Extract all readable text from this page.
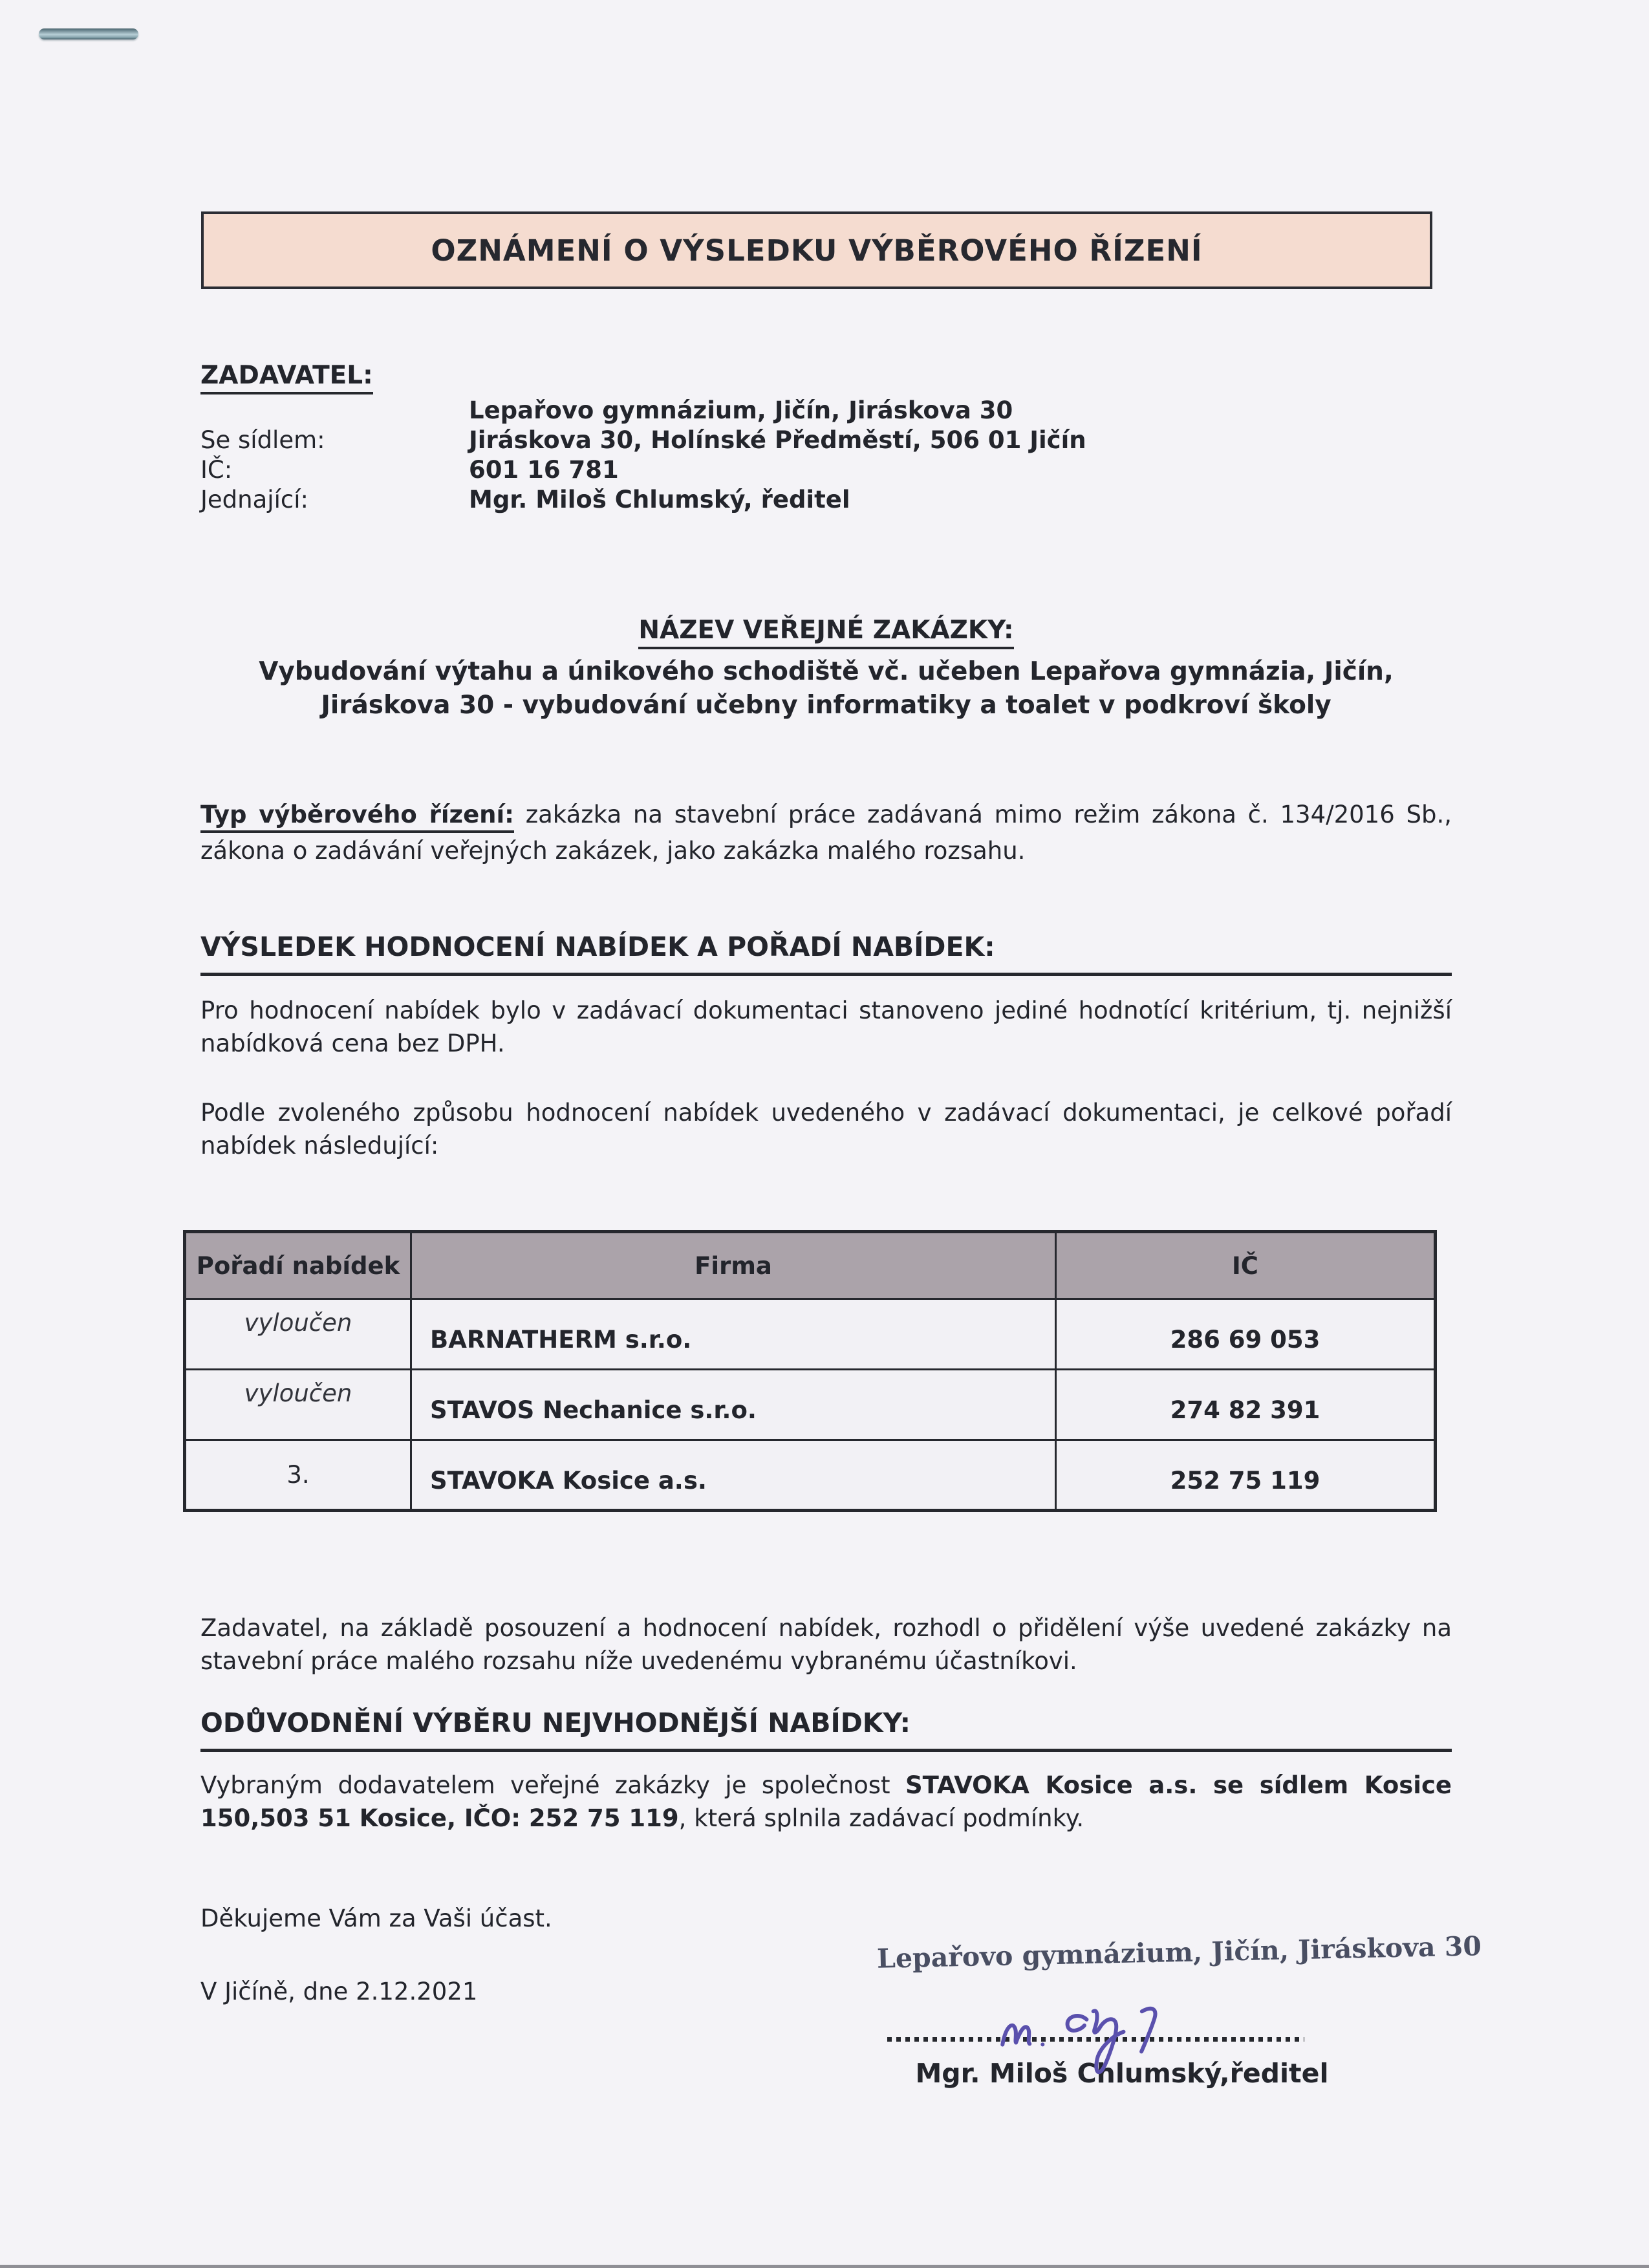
OZNÁMENÍ O VÝSLEDKU VÝBĚROVÉHO ŘÍZENÍ
ZADAVATEL:
Lepařovo gymnázium, Jičín, Jiráskova 30
Se sídlem:	Jiráskova 30, Holínské Předměstí, 506 01 Jičín
IČ:	601 16 781
Jednající:	Mgr. Miloš Chlumský, ředitel
NÁZEV VEŘEJNÉ ZAKÁZKY:
Vybudování výtahu a únikového schodiště vč. učeben Lepařova gymnázia, Jičín, Jiráskova 30 - vybudování učebny informatiky a toalet v podkroví školy
Typ výběrového řízení: zakázka na stavební práce zadávaná mimo režim zákona č. 134/2016 Sb., zákona o zadávání veřejných zakázek, jako zakázka malého rozsahu.
VÝSLEDEK HODNOCENÍ NABÍDEK A POŘADÍ NABÍDEK:
Pro hodnocení nabídek bylo v zadávací dokumentaci stanoveno jediné hodnotící kritérium, tj. nejnižší nabídková cena bez DPH.
Podle zvoleného způsobu hodnocení nabídek uvedeného v zadávací dokumentaci, je celkové pořadí nabídek následující:
Pořadí nabídek	Firma	IČ
vyloučen	BARNATHERM s.r.o.	286 69 053
vyloučen	STAVOS Nechanice s.r.o.	274 82 391
3.	STAVOKA Kosice a.s.	252 75 119
Zadavatel, na základě posouzení a hodnocení nabídek, rozhodl o přidělení výše uvedené zakázky na stavební práce malého rozsahu níže uvedenému vybranému účastníkovi.
ODŮVODNĚNÍ VÝBĚRU NEJVHODNĚJŠÍ NABÍDKY:
Vybraným dodavatelem veřejné zakázky je společnost STAVOKA Kosice a.s. se sídlem Kosice 150,503 51 Kosice, IČO: 252 75 119, která splnila zadávací podmínky.
Děkujeme Vám za Vaši účast.
Lepařovo gymnázium, Jičín, Jiráskova 30
V Jičíně, dne 2.12.2021
Mgr. Miloš Chlumský,ředitel
